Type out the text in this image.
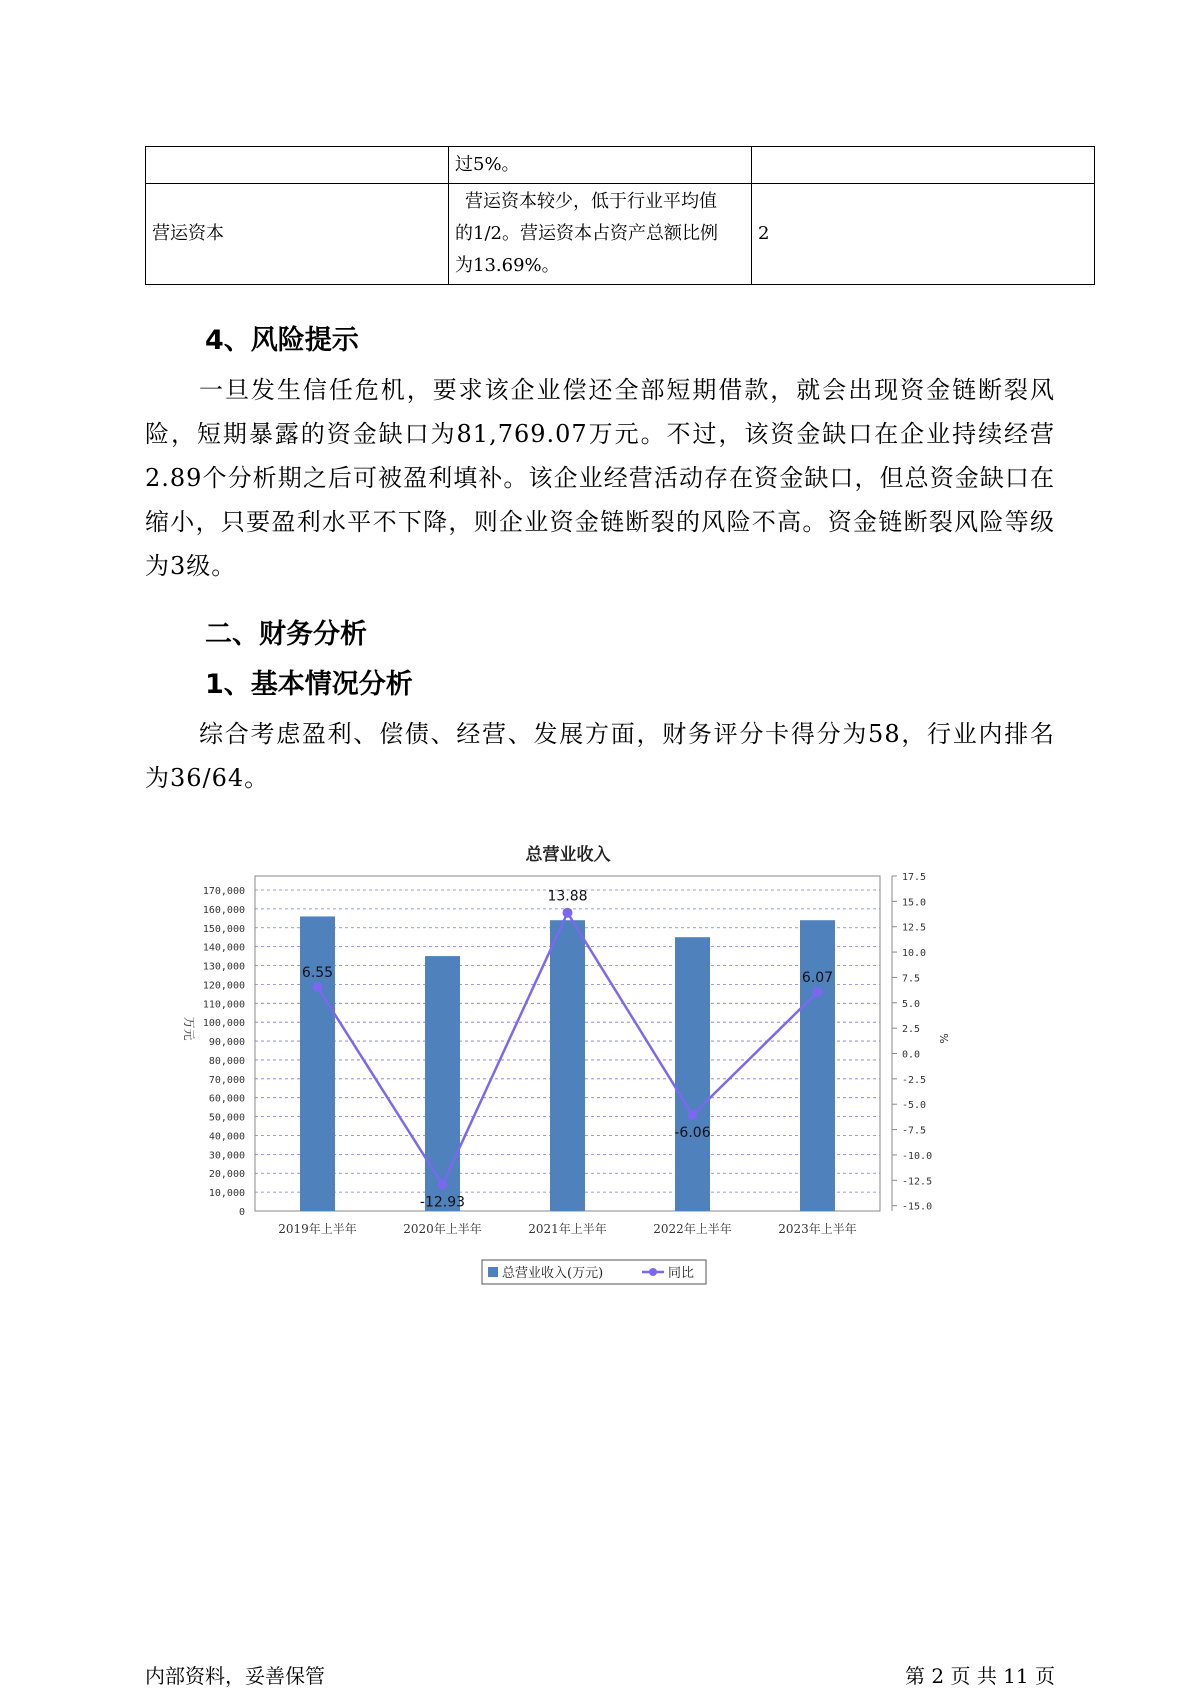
	过5%。	
营运资本	营运资本较少，低于行业平均值
的1/2。营运资本占资产总额比例
为13.69%。	2
4、风险提示
一旦发生信任危机，要求该企业偿还全部短期借款，就会出现资金链断裂风险，短期暴露的资金缺口为81,769.07万元。不过，该资金缺口在企业持续经营 2.89个分析期之后可被盈利填补。该企业经营活动存在资金缺口，但总资金缺口在缩小，只要盈利水平不下降，则企业资金链断裂的风险不高。资金链断裂风险等级为3级。
二、财务分析
1、基本情况分析
综合考虑盈利、偿债、经营、发展方面，财务评分卡得分为58，行业内排名为36/64。
总营业收入
170,000
160,000
150,000
140,000
130,000
120,000
110,000
100,000
90,000
80,000
70,000
60,000
50,000
40,000
30,000
20,000
10,000
0
17.5
15.0
12.5
10.0
7.5
5.0
2.5
0.0
-2.5
-5.0
-7.5
-10.0
-12.5
-15.0
万元	%
2019年上半年	2020年上半年	2021年上半年	2022年上半年	2023年上半年
6.55
-12.93
13.88
-6.06
6.07
总营业收入(万元)	同比
内部资料，妥善保管	第 2 页 共 11 页
